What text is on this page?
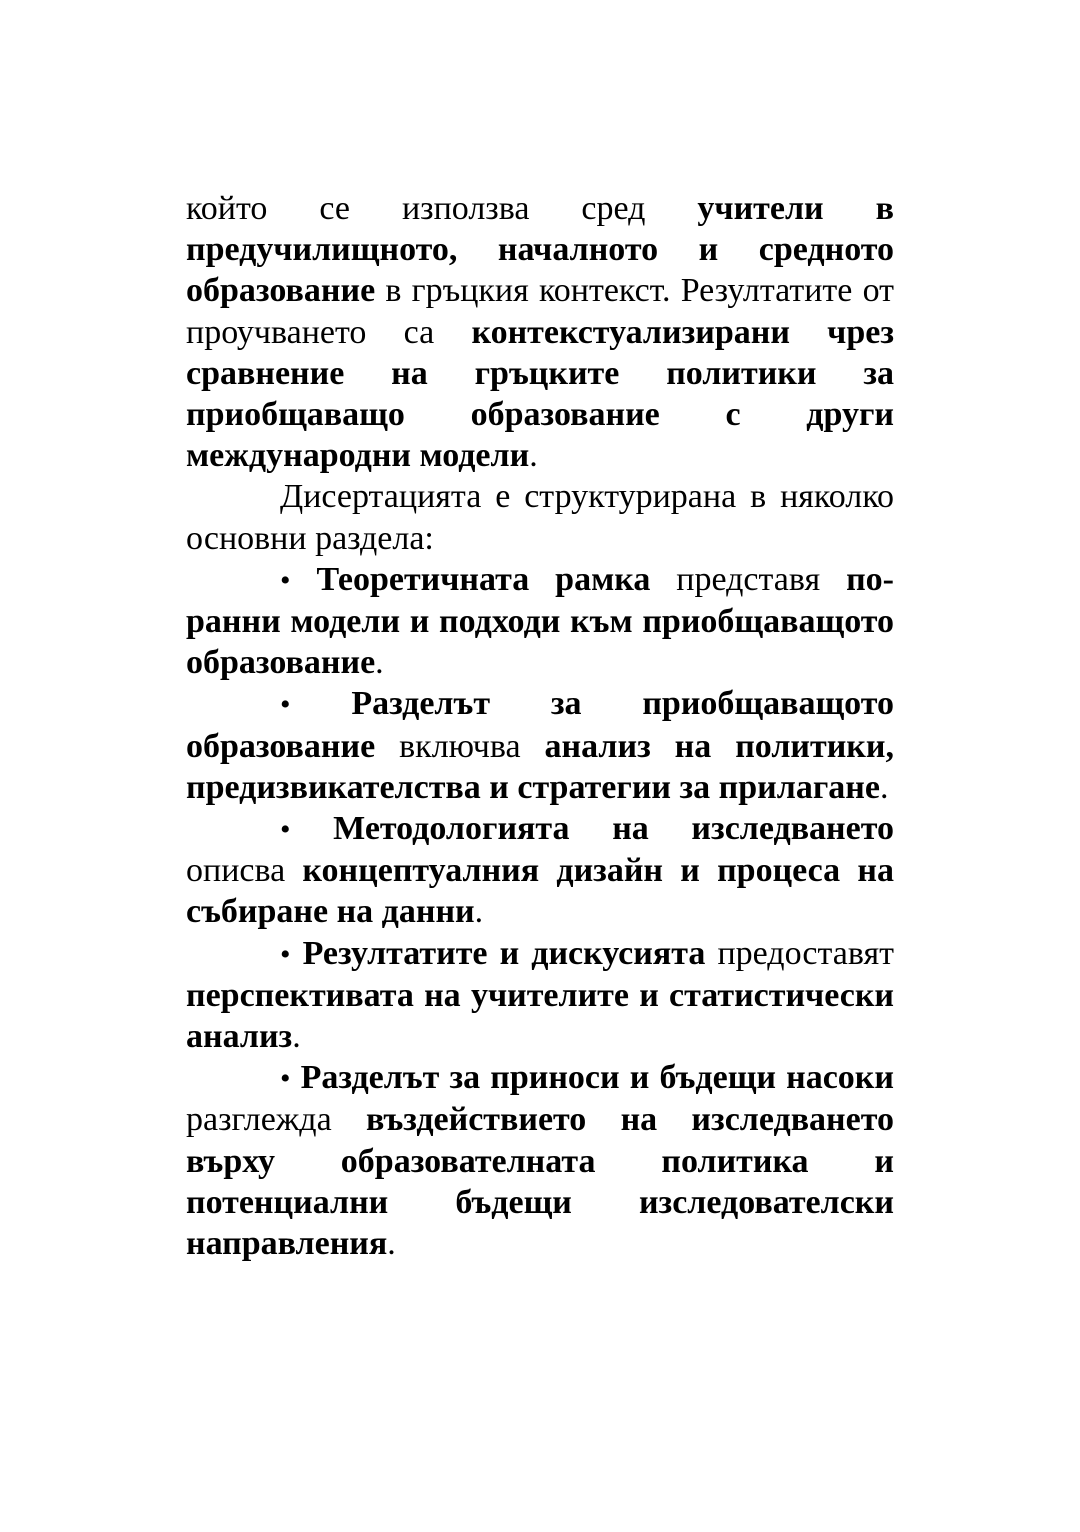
който се използва сред учители в предучилищното, началното и средното образование в гръцкия контекст. Резултатите от проучването са контекстуализирани чрез сравнение на гръцките политики за приобщаващо образование с други международни модели.

Дисертацията е структурирана в няколко основни раздела:

• Теоретичната рамка представя по-ранни модели и подходи към приобщаващото образование.

• Разделът за приобщаващото образование включва анализ на политики, предизвикателства и стратегии за прилагане.

• Методологията на изследването описва концептуалния дизайн и процеса на събиране на данни.

• Резултатите и дискусията предоставят перспективата на учителите и статистически анализ.

• Разделът за приноси и бъдещи насоки разглежда въздействието на изследването върху образователната политика и потенциални бъдещи изследователски направления.
